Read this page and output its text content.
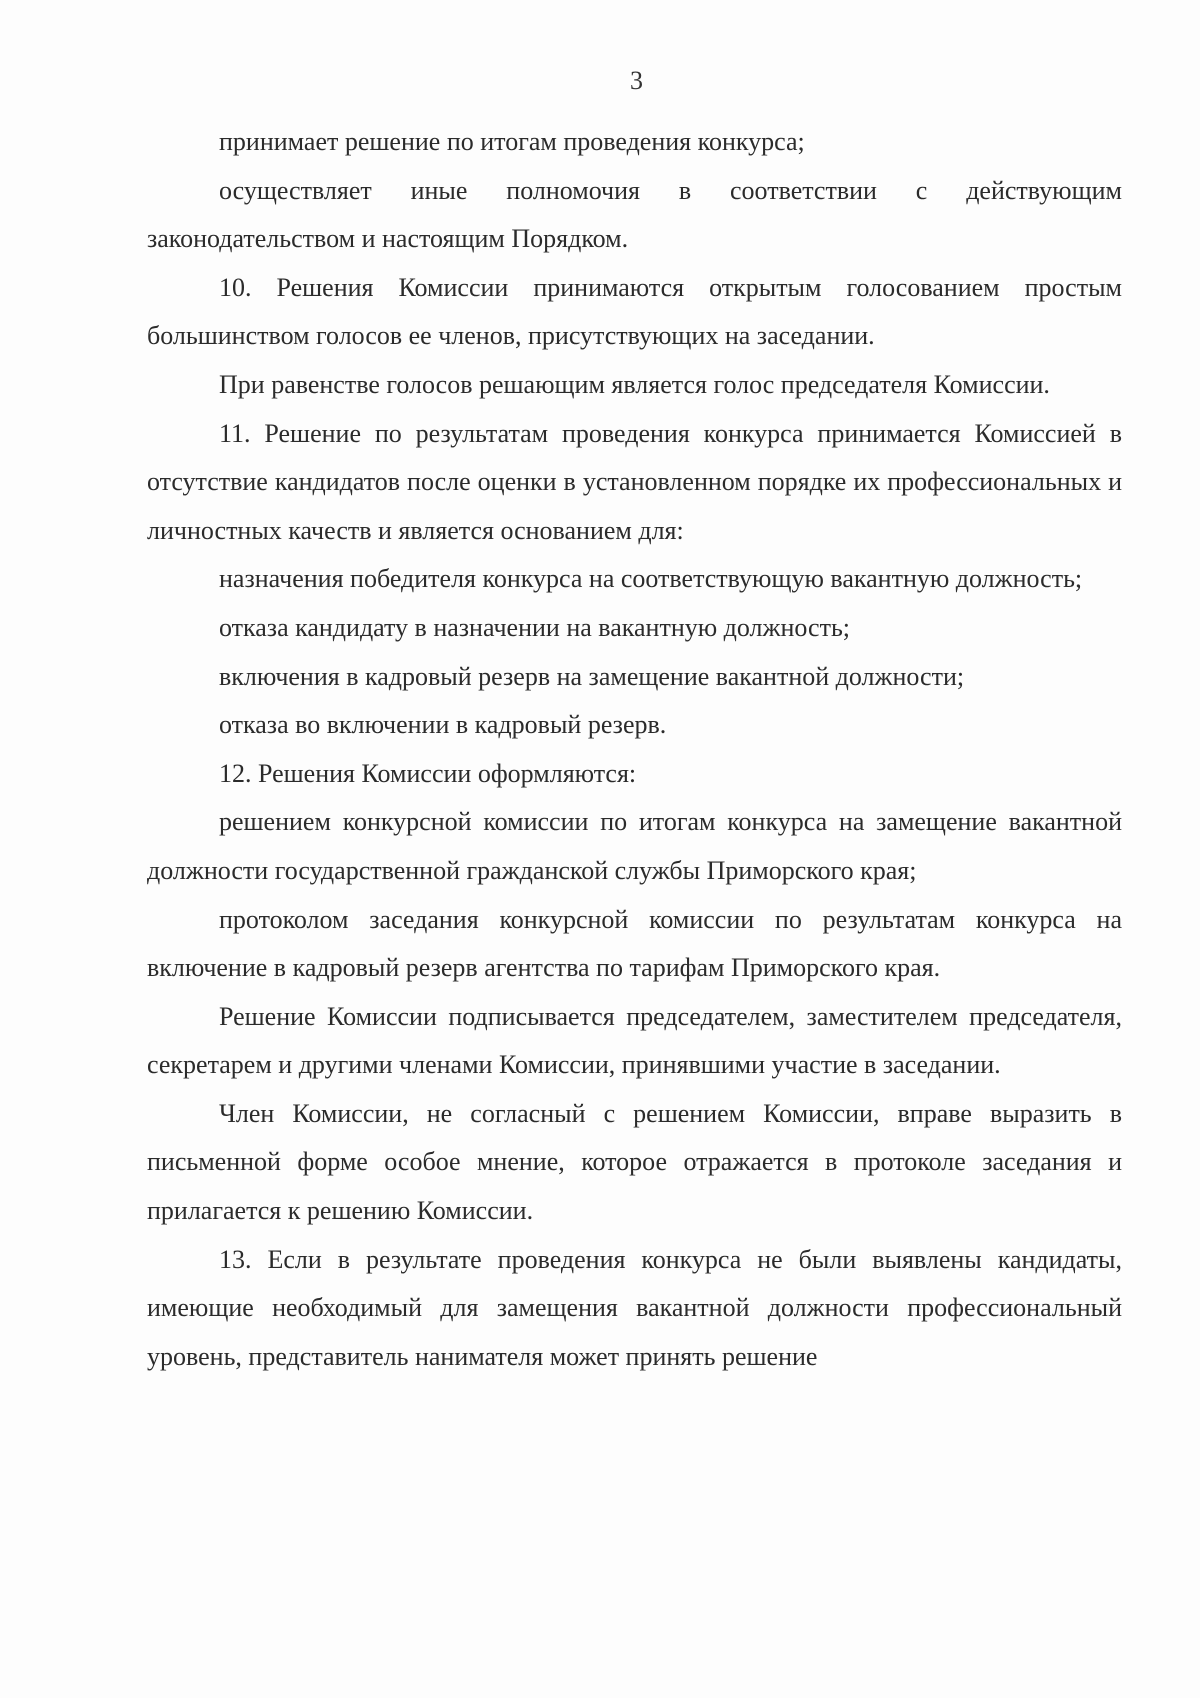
3

принимает решение по итогам проведения конкурса;

осуществляет иные полномочия в соответствии с действующим законодательством и настоящим Порядком.

10. Решения Комиссии принимаются открытым голосованием простым большинством голосов ее членов, присутствующих на заседании.

При равенстве голосов решающим является голос председателя Комиссии.

11. Решение по результатам проведения конкурса принимается Комиссией в отсутствие кандидатов после оценки в установленном порядке их профессиональных и личностных качеств и является основанием для:

назначения победителя конкурса на соответствующую вакантную должность;

отказа кандидату в назначении на вакантную должность;

включения в кадровый резерв на замещение вакантной должности;

отказа во включении в кадровый резерв.

12. Решения Комиссии оформляются:

решением конкурсной комиссии по итогам конкурса на замещение вакантной должности государственной гражданской службы Приморского края;

протоколом заседания конкурсной комиссии по результатам конкурса на включение в кадровый резерв агентства по тарифам Приморского края.

Решение Комиссии подписывается председателем, заместителем председателя, секретарем и другими членами Комиссии, принявшими участие в заседании.

Член Комиссии, не согласный с решением Комиссии, вправе выразить в письменной форме особое мнение, которое отражается в протоколе заседания и прилагается к решению Комиссии.

13. Если в результате проведения конкурса не были выявлены кандидаты, имеющие необходимый для замещения вакантной должности профессиональный уровень, представитель нанимателя может принять решение
